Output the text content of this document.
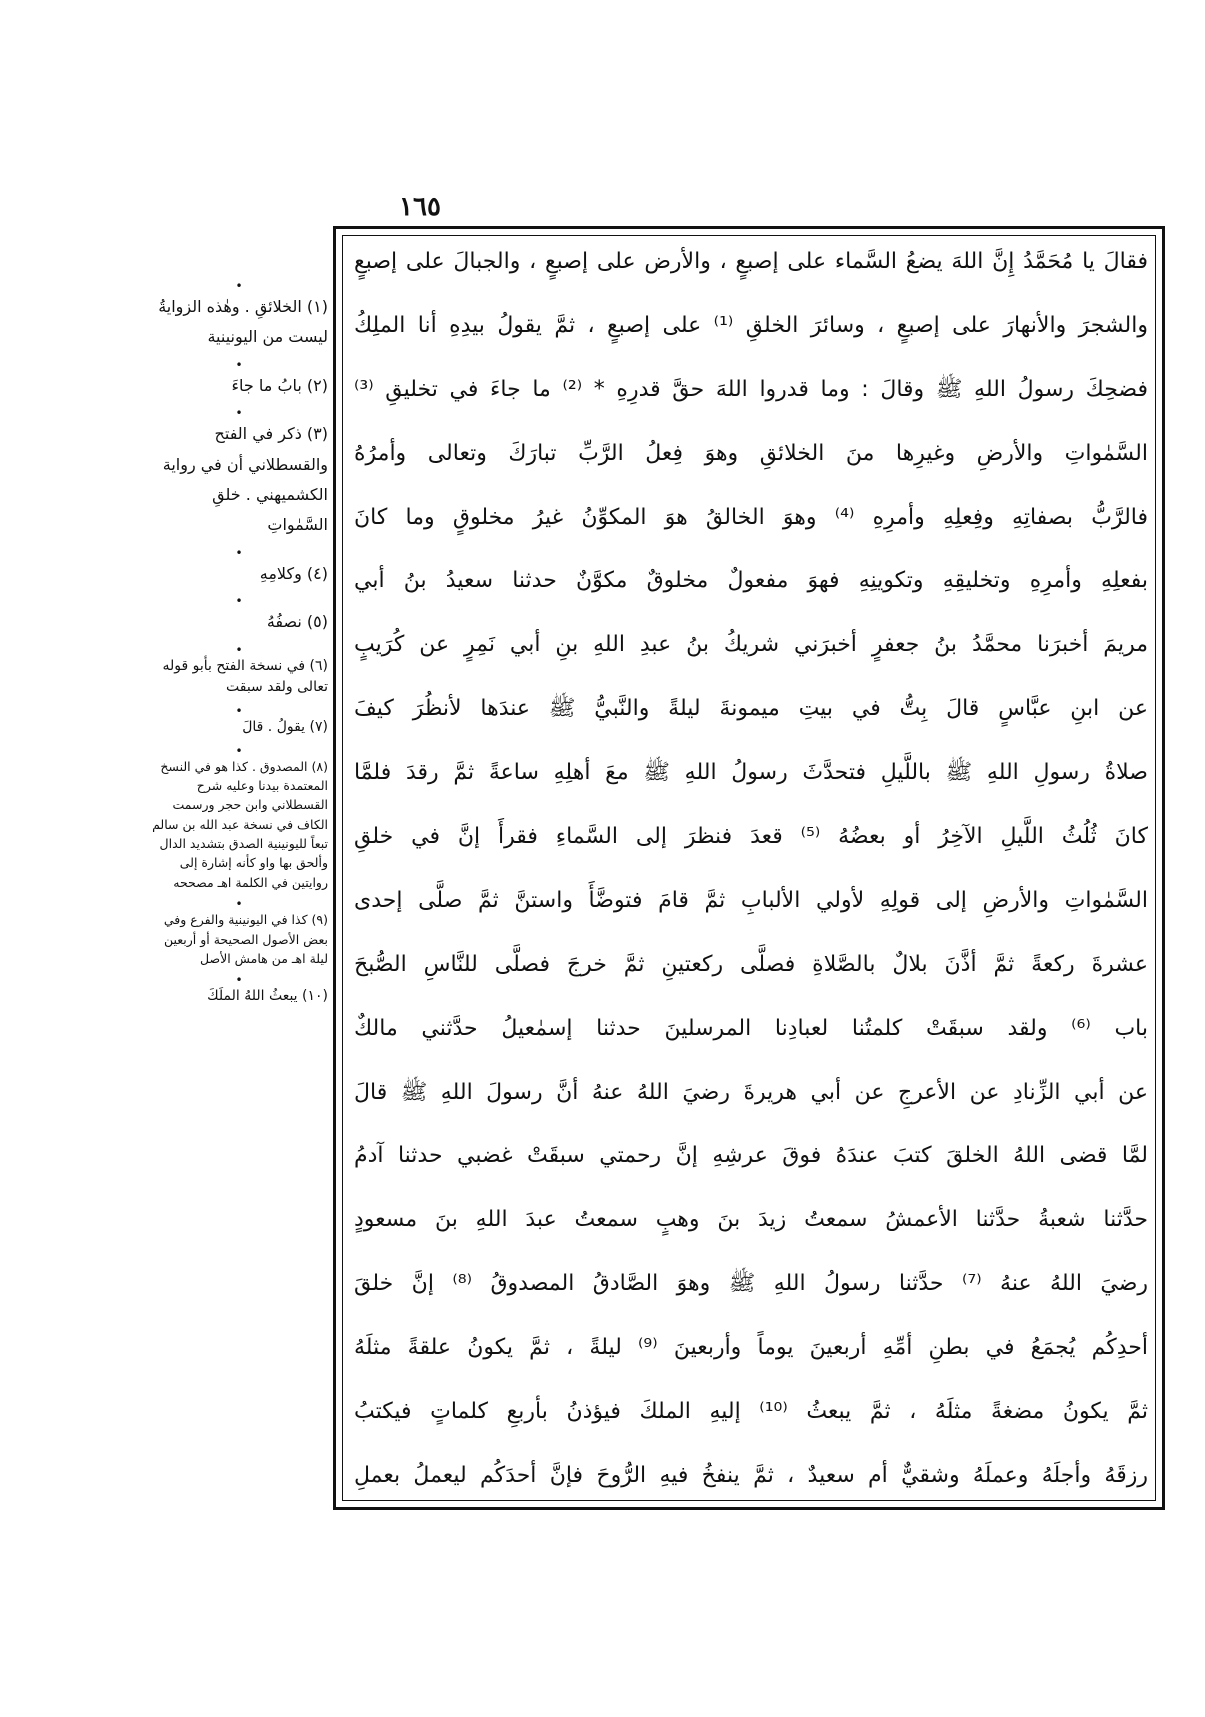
١٦٥
فقالَ يا مُحَمَّدُ إِنَّ اللهَ يضعُ السَّماء على إصبعٍ ، والأرض على إصبعٍ ، والجبالَ على إصبعٍ
والشجرَ والأنهارَ على إصبعٍ ، وسائرَ الخلقِ ⁽¹⁾ على إصبعٍ ، ثمَّ يقولُ بيدِهِ أنا الملِكُ
فضحِكَ رسولُ اللهِ ﷺ وقالَ : وما قدروا اللهَ حقَّ قدرِهِ * ⁽²⁾ ما جاءَ في تخليقِ ⁽³⁾
السَّمٰواتِ والأرضِ وغيرِها منَ الخلائقِ وهوَ فِعلُ الرَّبِّ تبارَكَ وتعالى وأمرُهُ
فالرَّبُّ بصفاتِهِ وفِعلِهِ وأمرِهِ ⁽⁴⁾ وهوَ الخالقُ هوَ المكوِّنُ غيرُ مخلوقٍ وما كانَ
بفعلِهِ وأمرِهِ وتخليقِهِ وتكوينِهِ فهوَ مفعولٌ مخلوقٌ مكوَّنٌ حدثنا سعيدُ بنُ أبي
مريمَ أخبرَنا محمَّدُ بنُ جعفرٍ أخبرَني شريكُ بنُ عبدِ اللهِ بنِ أبي نَمِرٍ عن كُرَيبٍ
عن ابنِ عبَّاسٍ قالَ بِتُّ في بيتِ ميمونةَ ليلةً والنَّبيُّ ﷺ عندَها لأنظُرَ كيفَ
صلاةُ رسولِ اللهِ ﷺ باللَّيلِ فتحدَّثَ رسولُ اللهِ ﷺ معَ أهلِهِ ساعةً ثمَّ رقدَ فلمَّا
كانَ ثُلُثُ اللَّيلِ الآخِرُ أو بعضُهُ ⁽⁵⁾ قعدَ فنظرَ إلى السَّماءِ فقرأَ إنَّ في خلقِ
السَّمٰواتِ والأرضِ إلى قولِهِ لأولي الألبابِ ثمَّ قامَ فتوضَّأَ واستنَّ ثمَّ صلَّى إحدى
عشرةَ ركعةً ثمَّ أذَّنَ بلالٌ بالصَّلاةِ فصلَّى ركعتينِ ثمَّ خرجَ فصلَّى للنَّاسِ الصُّبحَ
باب ⁽⁶⁾ ولقد سبقَتْ كلمتُنا لعبادِنا المرسلينَ حدثنا إسمٰعيلُ حدَّثني مالكٌ
عن أبي الزِّنادِ عن الأعرجِ عن أبي هريرةَ رضيَ اللهُ عنهُ أنَّ رسولَ اللهِ ﷺ قالَ
لمَّا قضى اللهُ الخلقَ كتبَ عندَهُ فوقَ عرشِهِ إنَّ رحمتي سبقَتْ غضبي حدثنا آدمُ
حدَّثنا شعبةُ حدَّثنا الأعمشُ سمعتُ زيدَ بنَ وهبٍ سمعتُ عبدَ اللهِ بنَ مسعودٍ
رضيَ اللهُ عنهُ ⁽⁷⁾ حدَّثنا رسولُ اللهِ ﷺ وهوَ الصَّادقُ المصدوقُ ⁽⁸⁾ إنَّ خلقَ
أحدِكُم يُجمَعُ في بطنِ أمِّهِ أربعينَ يوماً وأربعينَ ⁽⁹⁾ ليلةً ، ثمَّ يكونُ علقةً مثلَهُ
ثمَّ يكونُ مضغةً مثلَهُ ، ثمَّ يبعثُ ⁽¹⁰⁾ إليهِ الملكَ فيؤذنُ بأربعِ كلماتٍ فيكتبُ
رزقَهُ وأجلَهُ وعملَهُ وشقيٌّ أم سعيدٌ ، ثمَّ ينفخُ فيهِ الرُّوحَ فإنَّ أحدَكُم ليعملُ بعملِ
•
(١) الخلائقِ . وهٰذه الزوايةُ ليست من اليونينية
•
(٢) بابُ ما جاءَ
•
(٣) ذكر في الفتح والقسطلاني أن في رواية الكشميهني . خلقِ السَّمٰواتِ
•
(٤) وكلامِهِ
•
(٥) نصفُهُ
•
(٦) في نسخة الفتح بأبو قوله تعالى ولقد سبقت
•
(٧) يقولُ . قالَ
•
(٨) المصدوق . كذا هو في النسخ المعتمدة بيدنا وعليه شرح القسطلاني وابن حجر ورسمت الكاف في نسخة عبد الله بن سالم تبعاً لليونينية الصدق بتشديد الدال وألحق بها واو كأنه إشارة إلى روايتين في الكلمة اهـ مصححه
•
(٩) كذا في اليونينية والفرع وفي بعض الأصول الصحيحة أو أربعين ليلة اهـ من هامش الأصل
•
(١٠) يبعثُ اللهُ الملَكَ
